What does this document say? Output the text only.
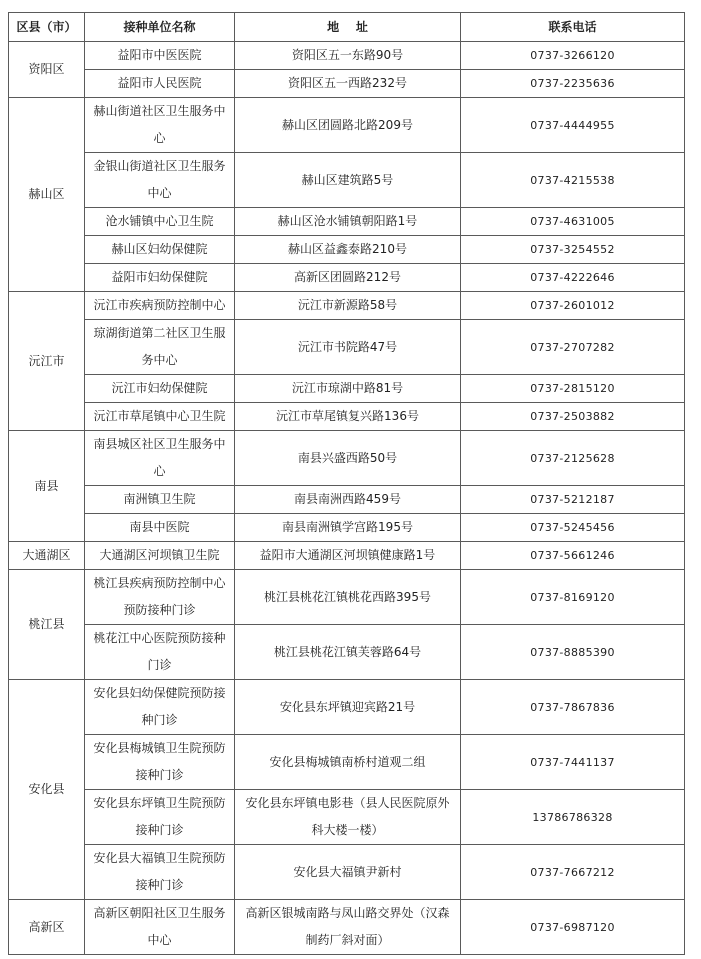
区县（市）	接种单位名称	地    址	联系电话
资阳区	益阳市中医医院	资阳区五一东路90号	0737-3266120
	益阳市人民医院	资阳区五一西路232号	0737-2235636
赫山区	赫山街道社区卫生服务中心	赫山区团圆路北路209号	0737-4444955
	金银山街道社区卫生服务中心	赫山区建筑路5号	0737-4215538
	沧水铺镇中心卫生院	赫山区沧水铺镇朝阳路1号	0737-4631005
	赫山区妇幼保健院	赫山区益鑫泰路210号	0737-3254552
	益阳市妇幼保健院	高新区团圆路212号	0737-4222646
沅江市	沅江市疾病预防控制中心	沅江市新源路58号	0737-2601012
	琼湖街道第二社区卫生服务中心	沅江市书院路47号	0737-2707282
	沅江市妇幼保健院	沅江市琼湖中路81号	0737-2815120
	沅江市草尾镇中心卫生院	沅江市草尾镇复兴路136号	0737-2503882
南县	南县城区社区卫生服务中心	南县兴盛西路50号	0737-2125628
	南洲镇卫生院	南县南洲西路459号	0737-5212187
	南县中医院	南县南洲镇学宫路195号	0737-5245456
大通湖区	大通湖区河坝镇卫生院	益阳市大通湖区河坝镇健康路1号	0737-5661246
桃江县	桃江县疾病预防控制中心预防接种门诊	桃江县桃花江镇桃花西路395号	0737-8169120
	桃花江中心医院预防接种门诊	桃江县桃花江镇芙蓉路64号	0737-8885390
安化县	安化县妇幼保健院预防接种门诊	安化县东坪镇迎宾路21号	0737-7867836
	安化县梅城镇卫生院预防接种门诊	安化县梅城镇南桥村道观二组	0737-7441137
	安化县东坪镇卫生院预防接种门诊	安化县东坪镇电影巷（县人民医院原外科大楼一楼）	13786786328
	安化县大福镇卫生院预防接种门诊	安化县大福镇尹新村	0737-7667212
高新区	高新区朝阳社区卫生服务中心	高新区银城南路与凤山路交界处（汉森制药厂斜对面）	0737-6987120
